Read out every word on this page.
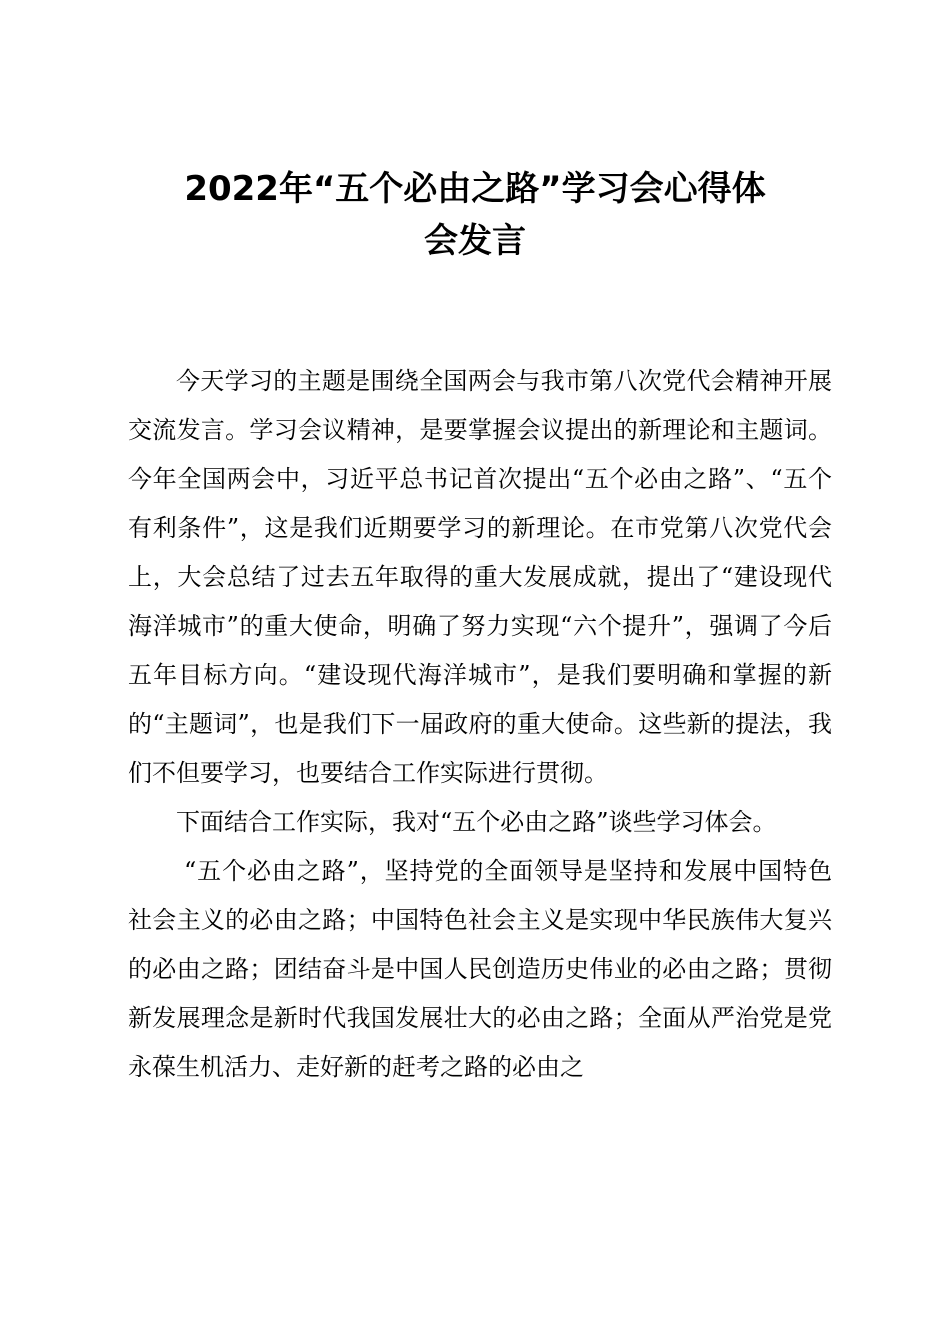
2022年“五个必由之路”学习会心得体
会发言

今天学习的主题是围绕全国两会与我市第八次党代会精神开展交流发言。学习会议精神，是要掌握会议提出的新理论和主题词。今年全国两会中，习近平总书记首次提出“五个必由之路”、“五个有利条件”，这是我们近期要学习的新理论。在市党第八次党代会上，大会总结了过去五年取得的重大发展成就，提出了“建设现代海洋城市”的重大使命，明确了努力实现“六个提升”，强调了今后五年目标方向。“建设现代海洋城市”，是我们要明确和掌握的新的“主题词”，也是我们下一届政府的重大使命。这些新的提法，我们不但要学习，也要结合工作实际进行贯彻。

下面结合工作实际，我对“五个必由之路”谈些学习体会。

“五个必由之路”，坚持党的全面领导是坚持和发展中国特色社会主义的必由之路；中国特色社会主义是实现中华民族伟大复兴的必由之路；团结奋斗是中国人民创造历史伟业的必由之路；贯彻新发展理念是新时代我国发展壮大的必由之路；全面从严治党是党永葆生机活力、走好新的赶考之路的必由之
